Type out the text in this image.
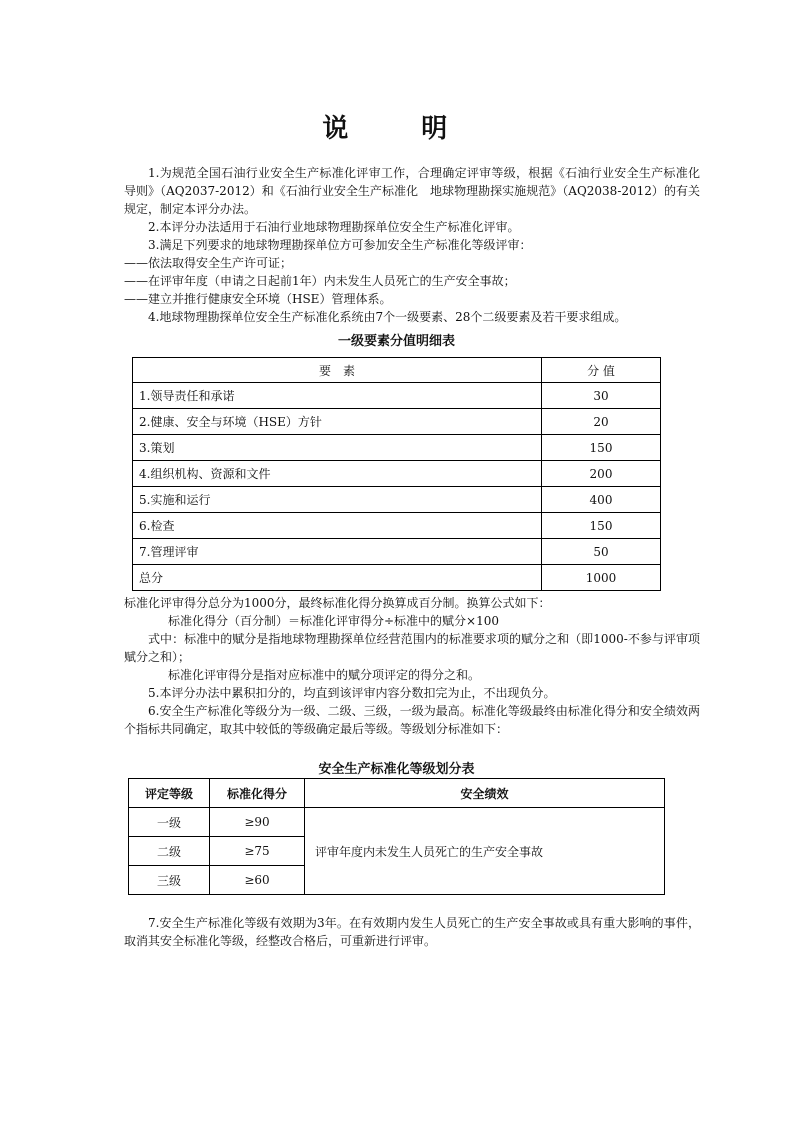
说　明

1.为规范全国石油行业安全生产标准化评审工作，合理确定评审等级，根据《石油行业安全生产标准化　导则》（AQ2037-2012）和《石油行业安全生产标准化　地球物理勘探实施规范》（AQ2038-2012）的有关规定，制定本评分办法。

2.本评分办法适用于石油行业地球物理勘探单位安全生产标准化评审。

3.满足下列要求的地球物理勘探单位方可参加安全生产标准化等级评审：

——依法取得安全生产许可证；

——在评审年度（申请之日起前1年）内未发生人员死亡的生产安全事故；

——建立并推行健康安全环境（HSE）管理体系。

4.地球物理勘探单位安全生产标准化系统由7个一级要素、28个二级要素及若干要求组成。

一级要素分值明细表
要　素	分 值
1.领导责任和承诺	30
2.健康、安全与环境（HSE）方针	20
3.策划	150
4.组织机构、资源和文件	200
5.实施和运行	400
6.检查	150
7.管理评审	50
总分	1000

标准化评审得分总分为1000分，最终标准化得分换算成百分制。换算公式如下：

标准化得分（百分制）＝标准化评审得分÷标准中的赋分×100

式中：标准中的赋分是指地球物理勘探单位经营范围内的标准要求项的赋分之和（即1000-不参与评审项赋分之和）；

标准化评审得分是指对应标准中的赋分项评定的得分之和。

5.本评分办法中累积扣分的，均直到该评审内容分数扣完为止，不出现负分。

6.安全生产标准化等级分为一级、二级、三级，一级为最高。标准化等级最终由标准化得分和安全绩效两个指标共同确定，取其中较低的等级确定最后等级。等级划分标准如下：

安全生产标准化等级划分表
评定等级	标准化得分	安全绩效
一级	≥90	评审年度内未发生人员死亡的生产安全事故
二级	≥75	
三级	≥60	

7.安全生产标准化等级有效期为3年。在有效期内发生人员死亡的生产安全事故或具有重大影响的事件，取消其安全标准化等级，经整改合格后，可重新进行评审。
